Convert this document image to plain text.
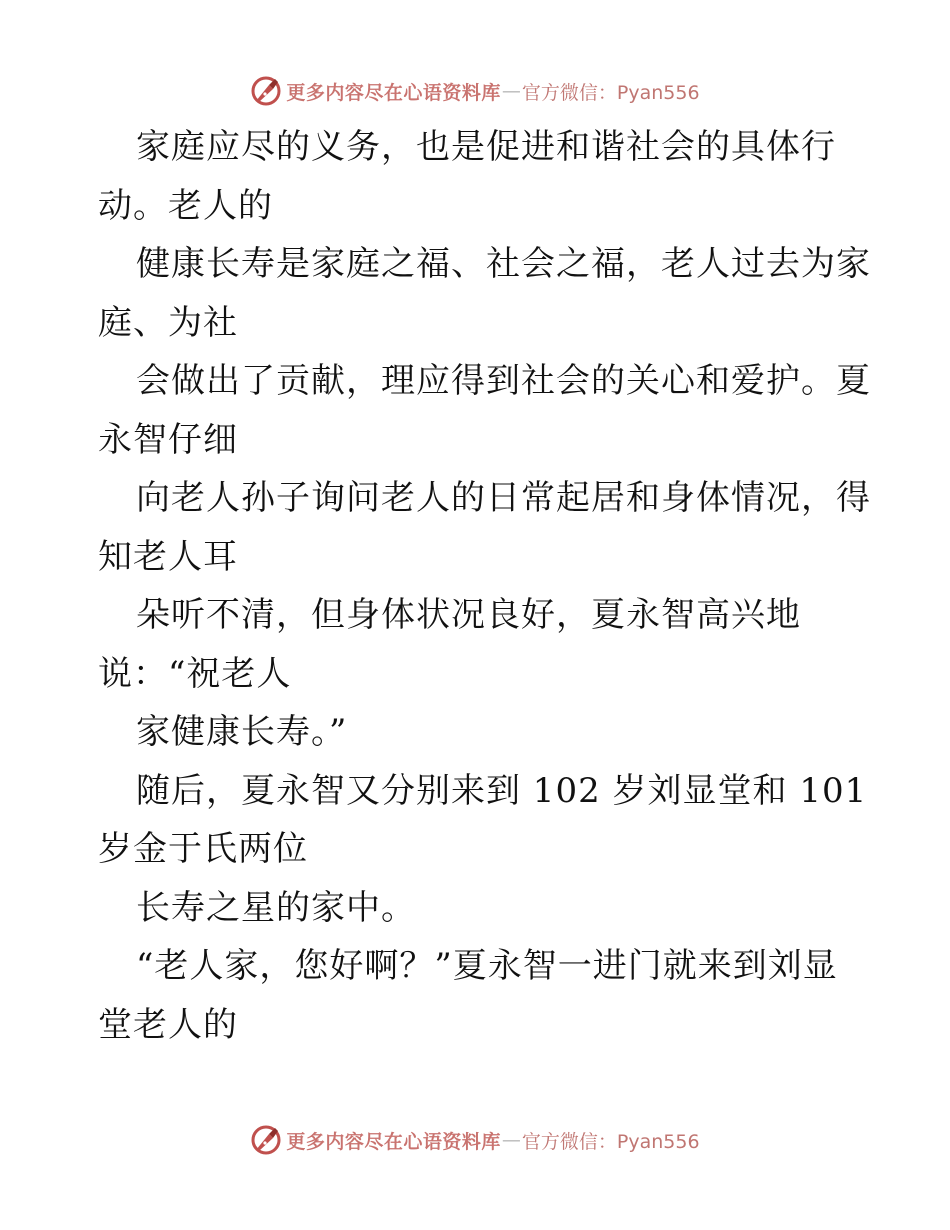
更多内容尽在心语资料库 — 官方微信：Pyan556
家庭应尽的义务，也是促进和谐社会的具体行
动。老人的
健康长寿是家庭之福、社会之福，老人过去为家
庭、为社
会做出了贡献，理应得到社会的关心和爱护。夏
永智仔细
向老人孙子询问老人的日常起居和身体情况，得
知老人耳
朵听不清，但身体状况良好，夏永智高兴地
说：“祝老人
家健康长寿。”
随后，夏永智又分别来到 102 岁刘显堂和 101
岁金于氏两位
长寿之星的家中。
“老人家，您好啊？”夏永智一进门就来到刘显
堂老人的
更多内容尽在心语资料库 — 官方微信：Pyan556
